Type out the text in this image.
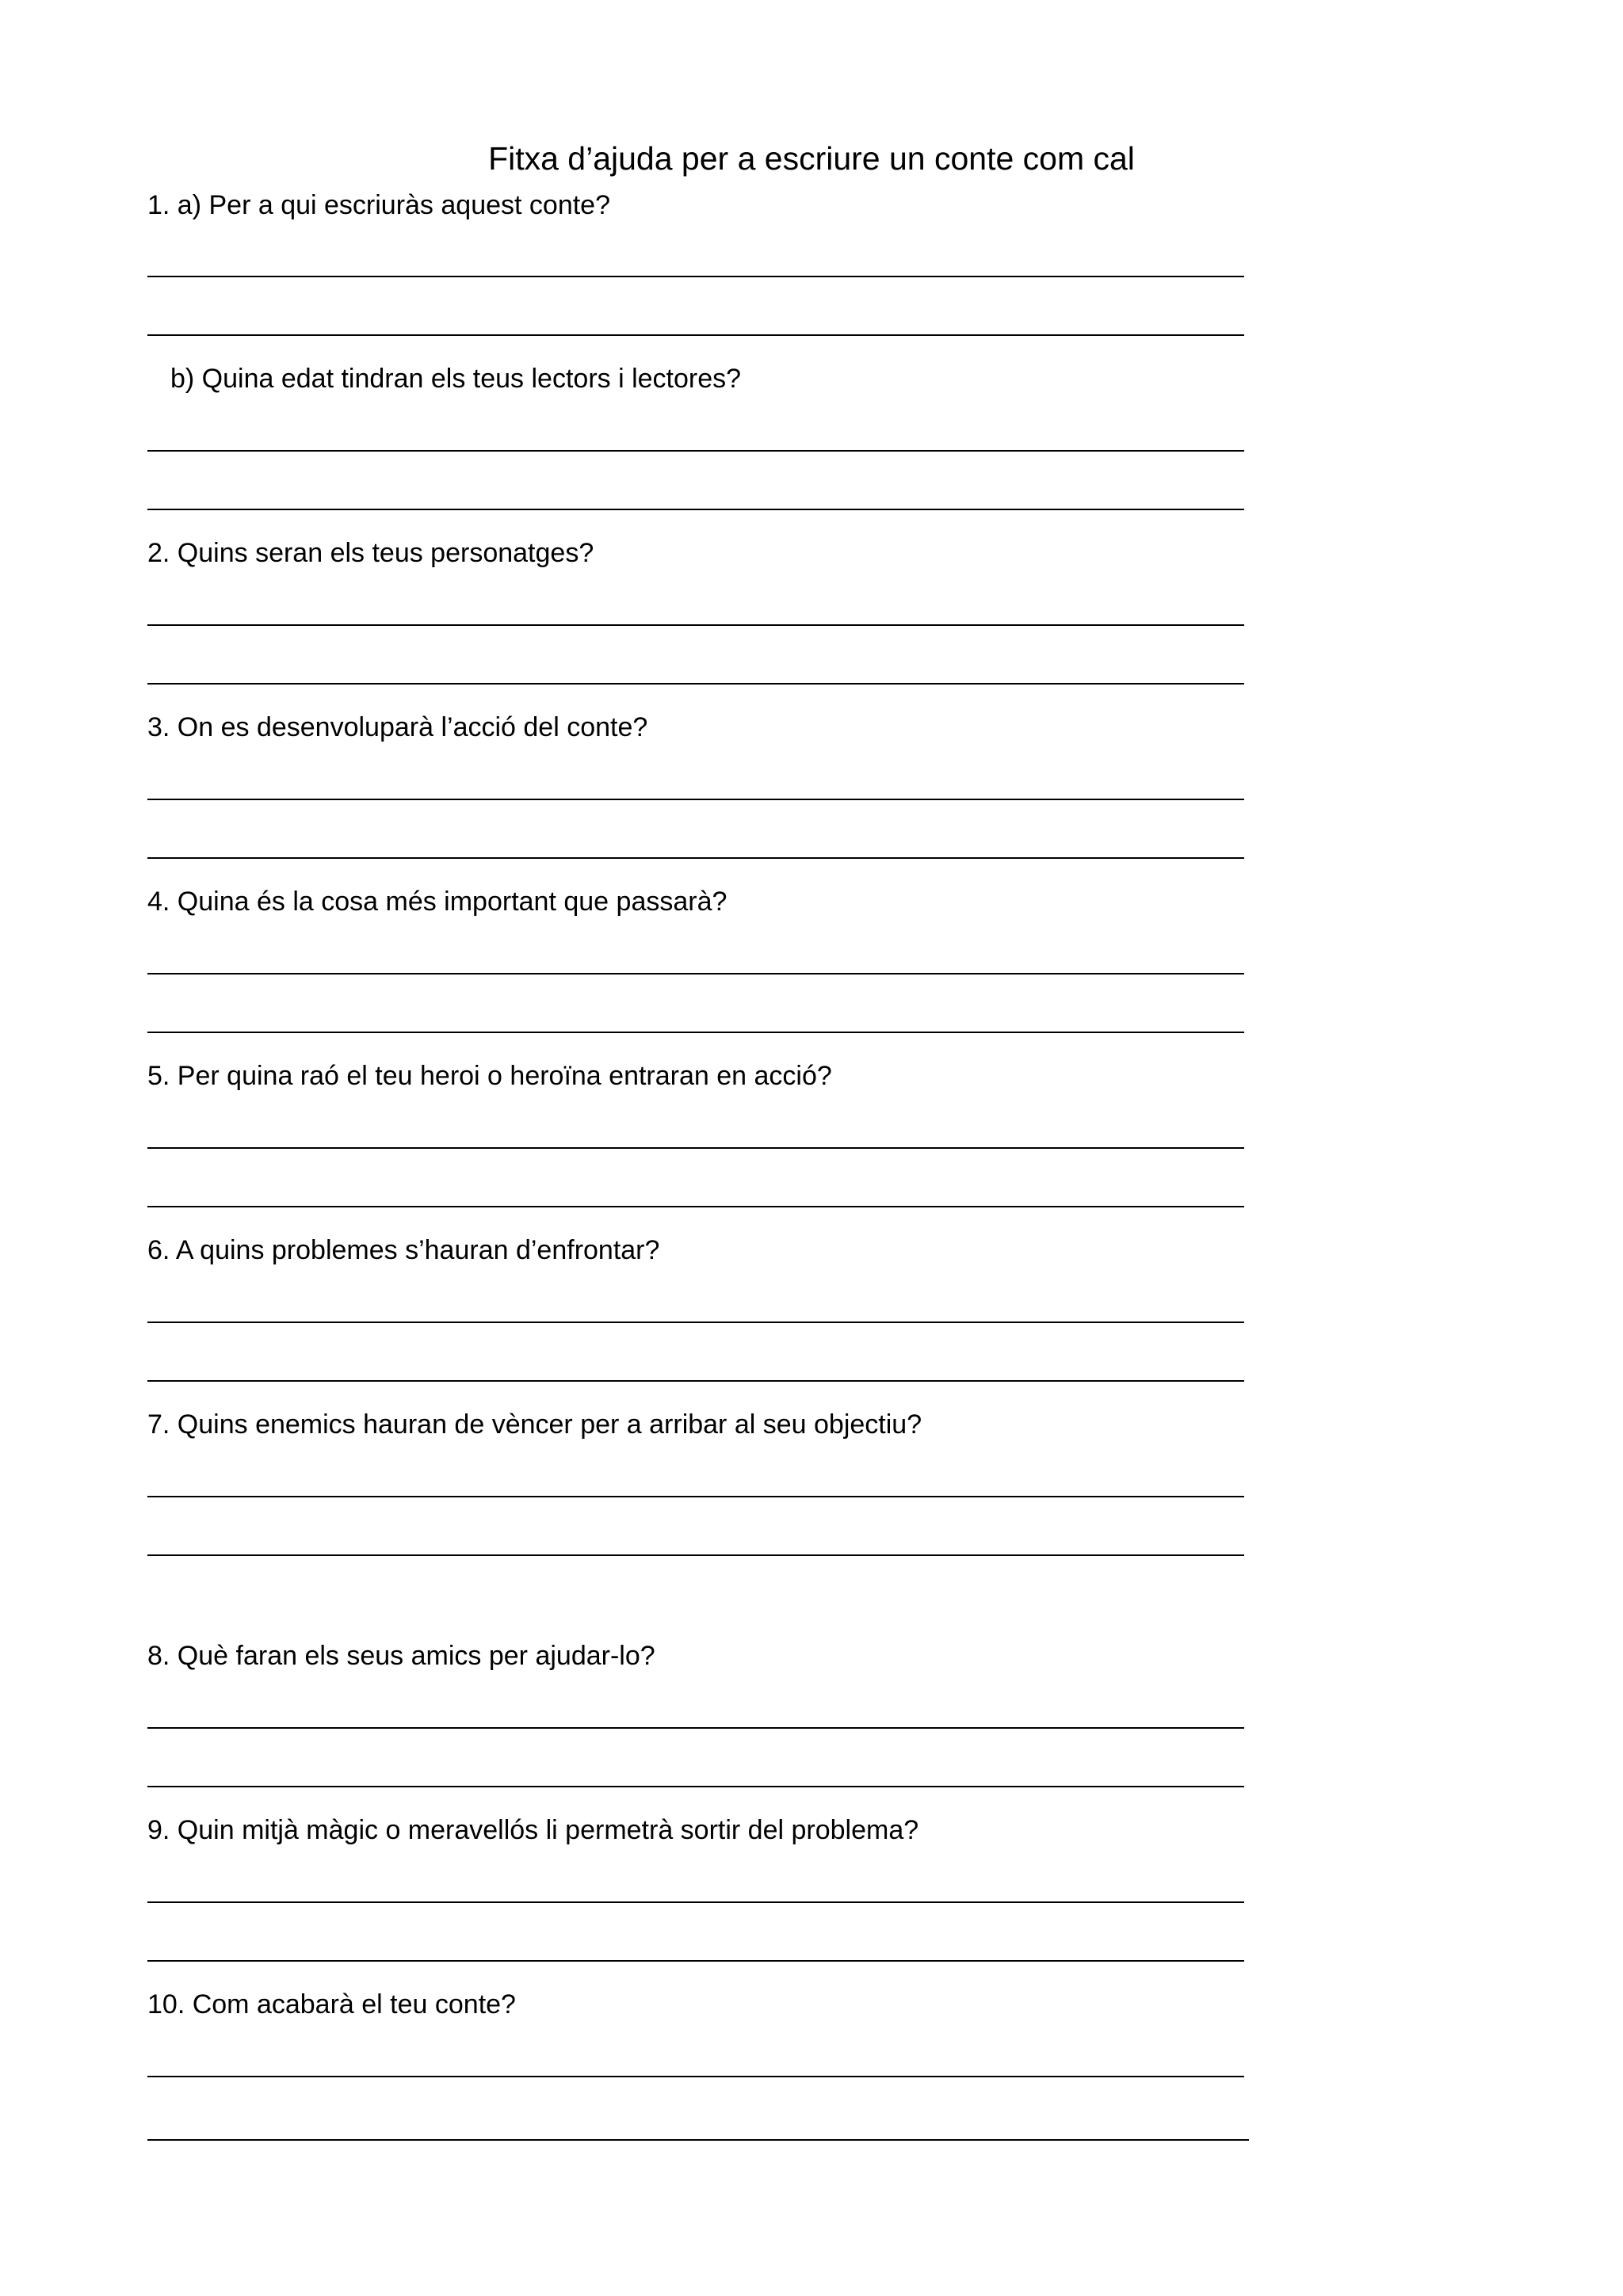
Fitxa d’ajuda per a escriure un conte com cal
1. a) Per a qui escriuràs aquest conte?
b) Quina edat tindran els teus lectors i lectores?
2. Quins seran els teus personatges?
3. On es desenvoluparà l’acció del conte?
4. Quina és la cosa més important que passarà?
5. Per quina raó el teu heroi o heroïna entraran en acció?
6. A quins problemes s’hauran d’enfrontar?
7. Quins enemics hauran de vèncer per a arribar al seu objectiu?
8. Què faran els seus amics per ajudar-lo?
9. Quin mitjà màgic o meravellós li permetrà sortir del problema?
10. Com acabarà el teu conte?
